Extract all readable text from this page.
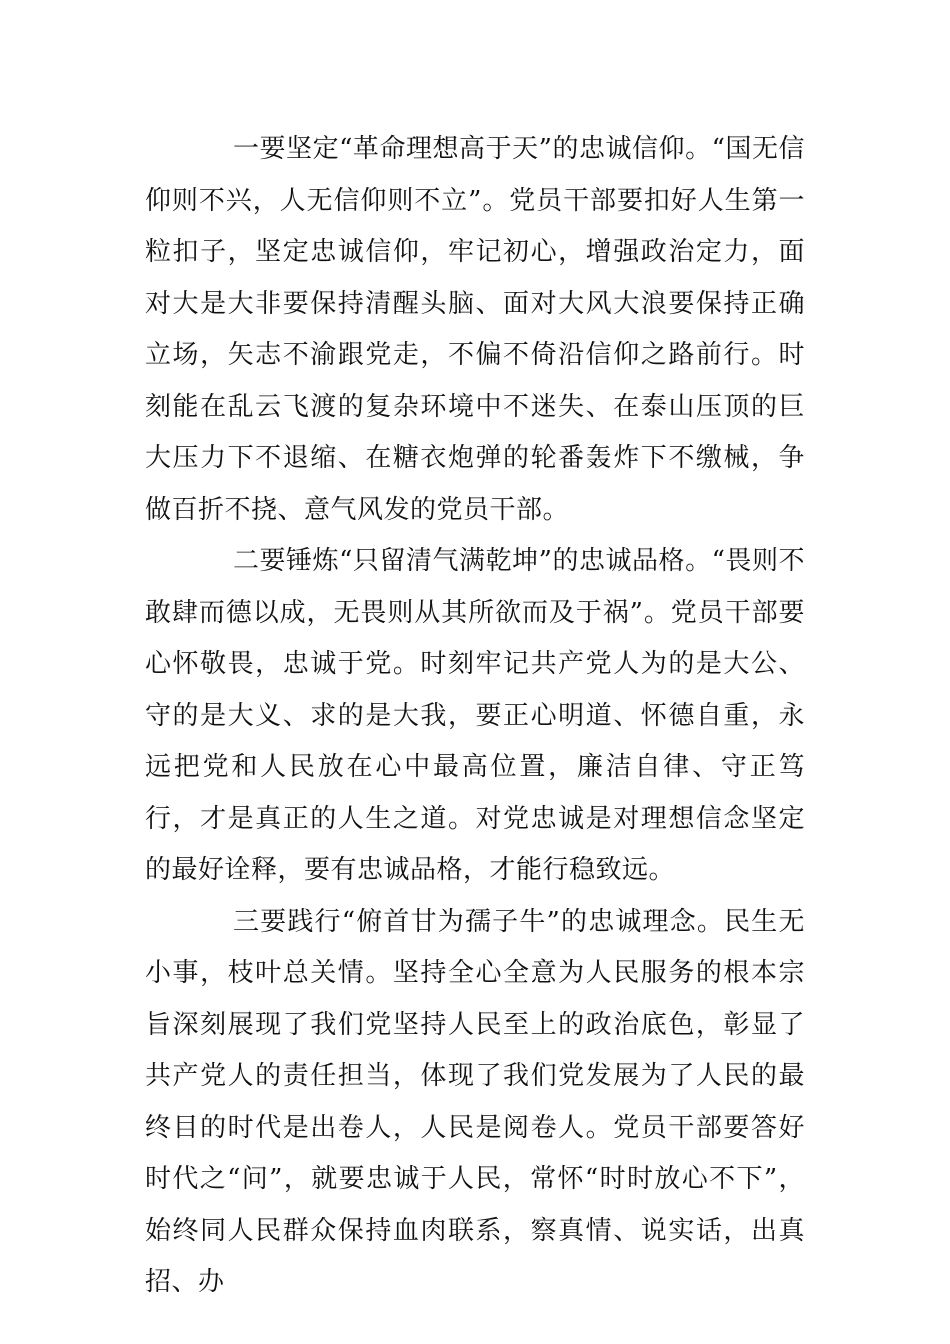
一要坚定“革命理想高于天”的忠诚信仰。“国无信仰则不兴，人无信仰则不立”。党员干部要扣好人生第一粒扣子，坚定忠诚信仰，牢记初心，增强政治定力，面对大是大非要保持清醒头脑、面对大风大浪要保持正确立场，矢志不渝跟党走，不偏不倚沿信仰之路前行。时刻能在乱云飞渡的复杂环境中不迷失、在泰山压顶的巨大压力下不退缩、在糖衣炮弹的轮番轰炸下不缴械，争做百折不挠、意气风发的党员干部。

二要锤炼“只留清气满乾坤”的忠诚品格。“畏则不敢肆而德以成，无畏则从其所欲而及于祸”。党员干部要心怀敬畏，忠诚于党。时刻牢记共产党人为的是大公、守的是大义、求的是大我，要正心明道、怀德自重，永远把党和人民放在心中最高位置，廉洁自律、守正笃行，才是真正的人生之道。对党忠诚是对理想信念坚定的最好诠释，要有忠诚品格，才能行稳致远。

三要践行“俯首甘为孺子牛”的忠诚理念。民生无小事，枝叶总关情。坚持全心全意为人民服务的根本宗旨深刻展现了我们党坚持人民至上的政治底色，彰显了共产党人的责任担当，体现了我们党发展为了人民的最终目的时代是出卷人，人民是阅卷人。党员干部要答好时代之“问”，就要忠诚于人民，常怀“时时放心不下”，始终同人民群众保持血肉联系，察真情、说实话，出真招、办
